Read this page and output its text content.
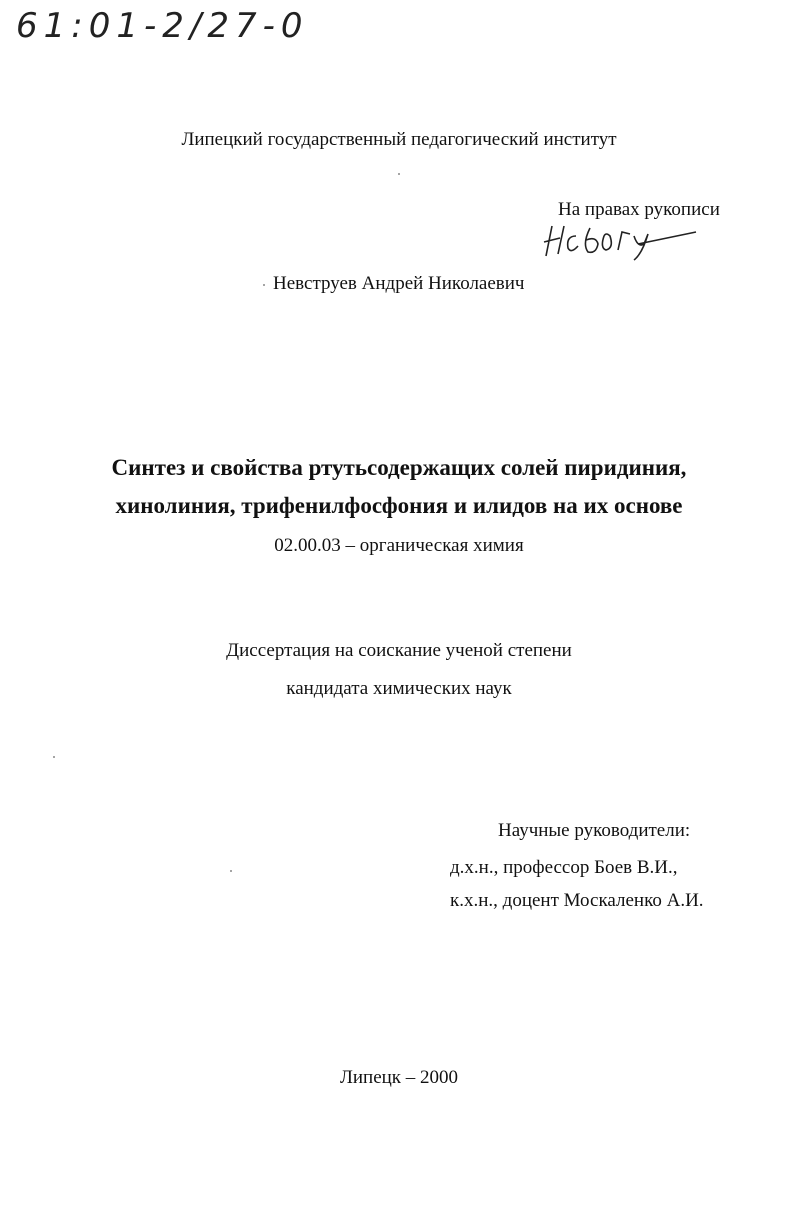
61:01-2/27-0
Липецкий государственный педагогический институт
На правах рукописи
Невструев Андрей Николаевич
Синтез и свойства ртутьсодержащих солей пиридиния,
хинолиния, трифенилфосфония и илидов на их основе
02.00.03 – органическая химия
Диссертация на соискание ученой степени
кандидата химических наук
Научные руководители:
д.х.н., профессор Боев В.И.,
к.х.н., доцент Москаленко А.И.
Липецк – 2000
